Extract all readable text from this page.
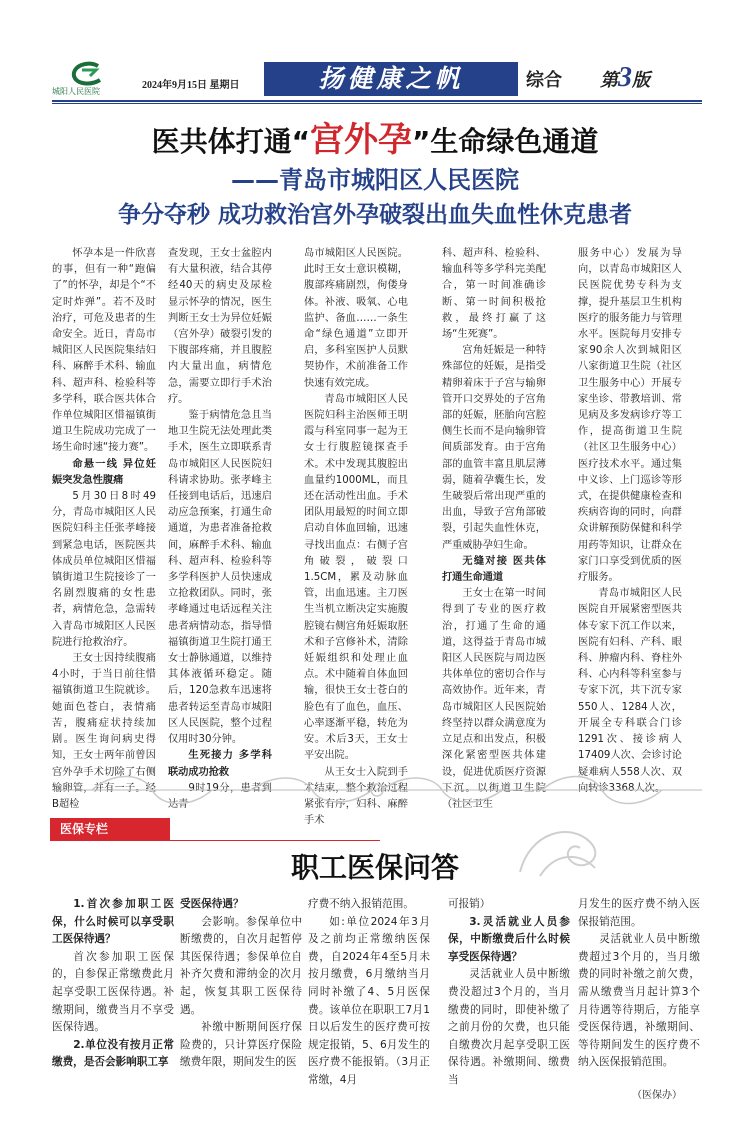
城阳人民医院
2024年9月15日 星期日	扬健康之帆	综合 第3版
医共体打通“宫外孕”生命绿色通道
——青岛市城阳区人民医院
争分夺秒 成功救治宫外孕破裂出血失血性休克患者

怀孕本是一件欣喜的事，但有一种“跑偏了”的怀孕，却是个“不定时炸弹”。若不及时治疗，可危及患者的生命安全。近日，青岛市城阳区人民医院集结妇科、麻醉手术科、输血科、超声科、检验科等多学科，联合医共体合作单位城阳区惜福镇街道卫生院成功完成了一场生命时速“接力赛”。

命悬一线 异位妊娠突发急性腹痛

5月30日8时49分，青岛市城阳区人民医院妇科主任张孝峰接到紧急电话，医院医共体成员单位城阳区惜福镇街道卫生院接诊了一名剧烈腹痛的女性患者，病情危急，急需转入青岛市城阳区人民医院进行抢救治疗。

王女士因持续腹痛4小时，于当日前往惜福镇街道卫生院就诊。她面色苍白，表情痛苦，腹痛症状持续加剧。医生询问病史得知，王女士两年前曾因宫外孕手术切除了右侧输卵管，并有一子。经B超检

查发现，王女士盆腔内有大量积液，结合其停经40天的病史及尿检显示怀孕的情况，医生判断王女士为异位妊娠（宫外孕）破裂引发的下腹部疼痛，并且腹腔内大量出血，病情危急，需要立即行手术治疗。

鉴于病情危急且当地卫生院无法处理此类手术，医生立即联系青岛市城阳区人民医院妇科请求协助。张孝峰主任接到电话后，迅速启动应急预案，打通生命通道，为患者准备抢救间，麻醉手术科、输血科、超声科、检验科等多学科医护人员快速成立抢救团队。同时，张孝峰通过电话远程关注患者病情动态，指导惜福镇街道卫生院打通王女士静脉通道，以维持其体液循环稳定。随后，120急救车迅速将患者转运至青岛市城阳区人民医院，整个过程仅用时30分钟。

生死接力 多学科联动成功抢救

9时19分，患者到达青

岛市城阳区人民医院。此时王女士意识模糊，腹部疼痛剧烈，佝偻身体。补液、吸氧、心电监护、备血……一条生命“绿色通道”立即开启，多科室医护人员默契协作，术前准备工作快速有效完成。

青岛市城阳区人民医院妇科主治医师王明霞与科室同事一起为王女士行腹腔镜探查手术。术中发现其腹腔出血量约1000ML，而且还在活动性出血。手术团队用最短的时间立即启动自体血回输，迅速寻找出血点：右侧子宫角破裂，破裂口1.5CM，累及动脉血管，出血迅速。主刀医生当机立断决定实施腹腔镜右侧宫角妊娠取胚术和子宫修补术，清除妊娠组织和处理止血点。术中随着自体血回输，很快王女士苍白的脸色有了血色，血压、心率逐渐平稳，转危为安。术后3天，王女士平安出院。

从王女士入院到手术结束，整个救治过程紧张有序，妇科、麻醉手术

科、超声科、检验科、输血科等多学科完美配合，第一时间准确诊断、第一时间积极抢救，最终打赢了这场“生死赛”。

宫角妊娠是一种特殊部位的妊娠，是指受精卵着床于子宫与输卵管开口交界处的子宫角部的妊娠，胚胎向宫腔侧生长而不是向输卵管间质部发育。由于宫角部的血管丰富且肌层薄弱，随着孕囊生长，发生破裂后常出现严重的出血，导致子宫角部破裂，引起失血性休克，严重威胁孕妇生命。

无缝对接 医共体打通生命通道

王女士在第一时间得到了专业的医疗救治，打通了生命的通道，这得益于青岛市城阳区人民医院与周边医共体单位的密切合作与高效协作。近年来，青岛市城阳区人民医院始终坚持以群众满意度为立足点和出发点，积极深化紧密型医共体建设，促进优质医疗资源下沉。以街道卫生院（社区卫生

服务中心）发展为导向，以青岛市城阳区人民医院优势专科为支撑，提升基层卫生机构医疗的服务能力与管理水平。医院每月安排专家90余人次到城阳区八家街道卫生院（社区卫生服务中心）开展专家坐诊、带教培训、常见病及多发病诊疗等工作，提高街道卫生院（社区卫生服务中心）医疗技术水平。通过集中义诊、上门巡诊等形式，在提供健康检查和疾病咨询的同时，向群众讲解预防保健和科学用药等知识，让群众在家门口享受到优质的医疗服务。

青岛市城阳区人民医院自开展紧密型医共体专家下沉工作以来，医院有妇科、产科、眼科、肿瘤内科、脊柱外科、心内科等科室参与专家下沉，共下沉专家550人、1284人次，开展全专科联合门诊1291次、接诊病人17409人次、会诊讨论疑难病人558人次、双向转诊3368人次。

医保专栏
职工医保问答

1.首次参加职工医保，什么时候可以享受职工医保待遇？

首次参加职工医保的，自参保正常缴费此月起享受职工医保待遇。补缴期间，缴费当月不享受医保待遇。

2.单位没有按月正常缴费，是否会影响职工享

受医保待遇？

会影响。参保单位中断缴费的，自次月起暂停其医保待遇；参保单位自补齐欠费和滞纳金的次月起，恢复其职工医保待遇。

补缴中断期间医疗保险费的，只计算医疗保险缴费年限，期间发生的医

疗费不纳入报销范围。

如:单位2024年3月及之前均正常缴纳医保费，自2024年4至5月未按月缴费，6月缴纳当月同时补缴了4、5月医保费。该单位在职职工7月1日以后发生的医疗费可按规定报销，5、6月发生的医疗费不能报销。（3月正常缴，4月

可报销）

3.灵活就业人员参保，中断缴费后什么时候享受医保待遇？

灵活就业人员中断缴费没超过3个月的，当月缴费的同时，即使补缴了之前月份的欠费，也只能自缴费次月起享受职工医保待遇。补缴期间、缴费当

月发生的医疗费不纳入医保报销范围。

灵活就业人员中断缴费超过3个月的，当月缴费的同时补缴之前欠费，需从缴费当月起计算3个月待遇等待期后，方能享受医保待遇，补缴期间、等待期间发生的医疗费不纳入医保报销范围。

（医保办）
